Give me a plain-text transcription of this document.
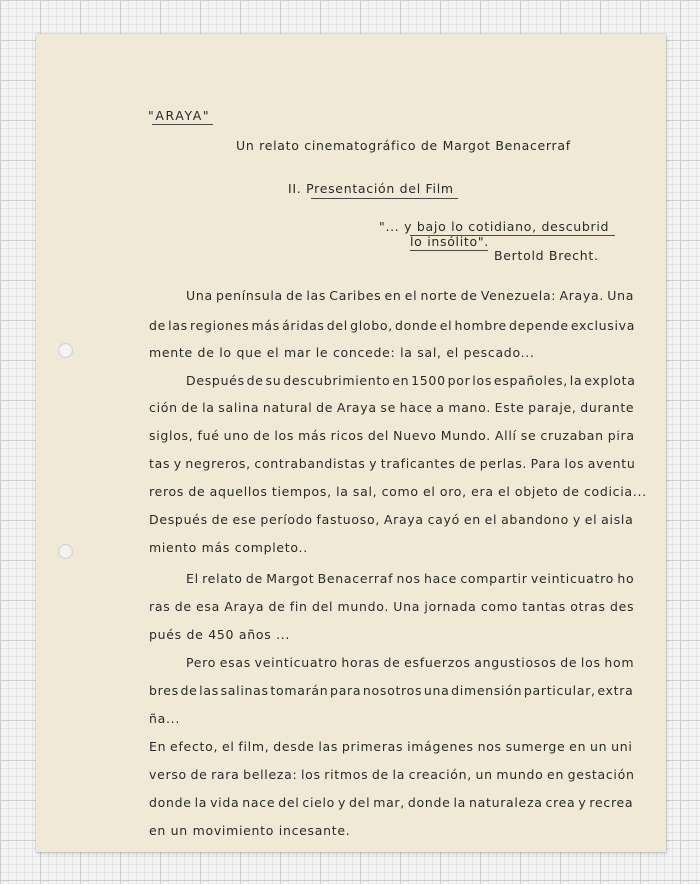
"ARAYA"
Un relato cinematográfico de Margot Benacerraf
II. Presentación del Film
"... y bajo lo cotidiano, descubrid
lo insólito".
Bertold Brecht.
Una península de las Caribes en el norte de Venezuela: Araya. Una
de las regiones más áridas del globo, donde el hombre depende exclusiva
mente de lo que el mar le concede: la sal, el pescado...
Después de su descubrimiento en 1500 por los españoles, la explota
ción de la salina natural de Araya se hace a mano. Este paraje, durante
siglos, fué uno de los más ricos del Nuevo Mundo. Allí se cruzaban pira
tas y negreros, contrabandistas y traficantes de perlas. Para los aventu
reros de aquellos tiempos, la sal, como el oro, era el objeto de codicia...
Después de ese período fastuoso, Araya cayó en el abandono y el aisla
miento más completo..
El relato de Margot Benacerraf nos hace compartir veinticuatro ho
ras de esa Araya de fin del mundo. Una jornada como tantas otras des
pués de 450 años ...
Pero esas veinticuatro horas de esfuerzos angustiosos de los hom
bres de las salinas tomarán para nosotros una dimensión particular, extra
ña...
En efecto, el film, desde las primeras imágenes nos sumerge en un uni
verso de rara belleza: los ritmos de la creación, un mundo en gestación
donde la vida nace del cielo y del mar, donde la naturaleza crea y recrea
en un movimiento incesante.
